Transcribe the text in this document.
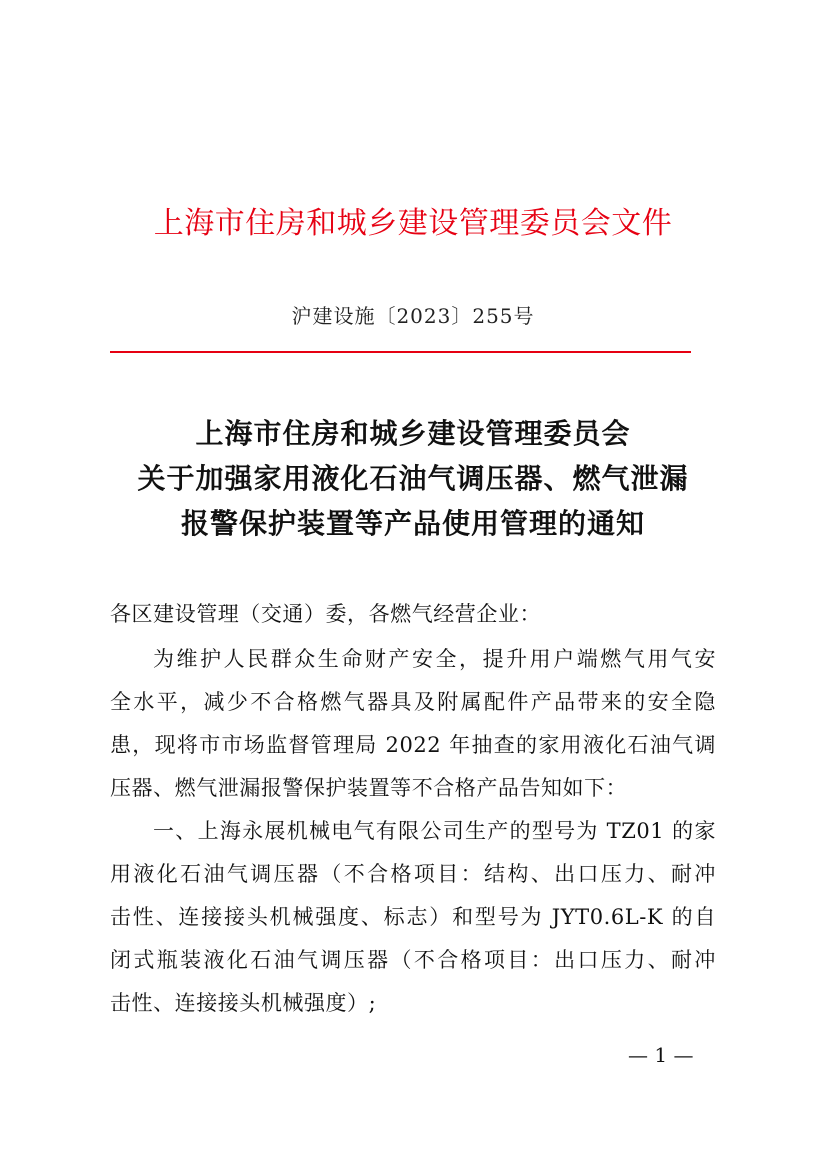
上海市住房和城乡建设管理委员会文件
沪建设施〔2023〕255号
上海市住房和城乡建设管理委员会
关于加强家用液化石油气调压器、燃气泄漏
报警保护装置等产品使用管理的通知
各区建设管理（交通）委，各燃气经营企业：
为维护人民群众生命财产安全，提升用户端燃气用气安
全水平，减少不合格燃气器具及附属配件产品带来的安全隐
患，现将市市场监督管理局 2022 年抽查的家用液化石油气调
压器、燃气泄漏报警保护装置等不合格产品告知如下：
一、上海永展机械电气有限公司生产的型号为 TZ01 的家
用液化石油气调压器（不合格项目：结构、出口压力、耐冲
击性、连接接头机械强度、标志）和型号为 JYT0.6L-K 的自
闭式瓶装液化石油气调压器（不合格项目：出口压力、耐冲
击性、连接接头机械强度）;
— 1 —
